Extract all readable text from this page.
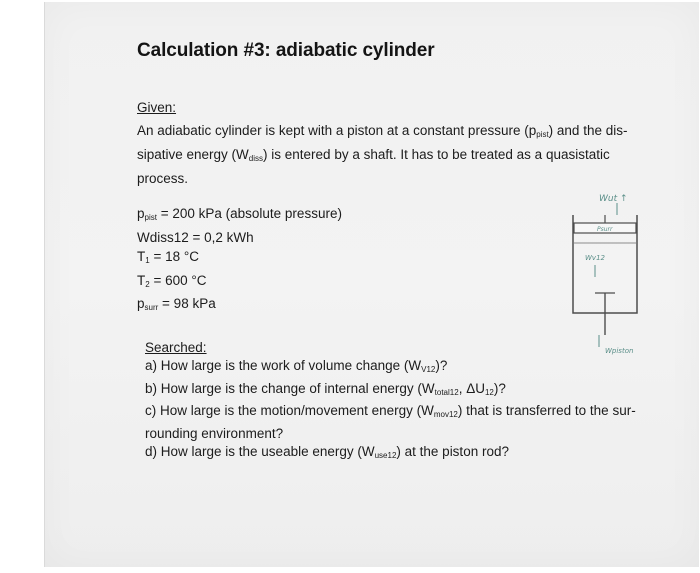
Calculation #3: adiabatic cylinder
Given:
An adiabatic cylinder is kept with a piston at a constant pressure $(p_{pist})$ and the dis-
sipative energy $(W_{diss})$ is entered by a shaft. It has to be treated as a quasistatic
process.
$p_{pist} = 200$ kPa (absolute pressure)
Wdiss12 = 0,2 kWh
$T_1 = 18$ °C
$T_2 = 600$ °C
$p_{surr} = 98$ kPa
Wut ↑
Psurr
Wv12
Wpiston
Searched:
a) How large is the work of volume change $(W_{V12})$?
b) How large is the change of internal energy ($W_{total12}$, $\Delta U_{12}$)?
c) How large is the motion/movement energy $(W_{mov12})$ that is transferred to the sur-
rounding environment?
d) How large is the useable energy $(W_{use12})$ at the piston rod?
